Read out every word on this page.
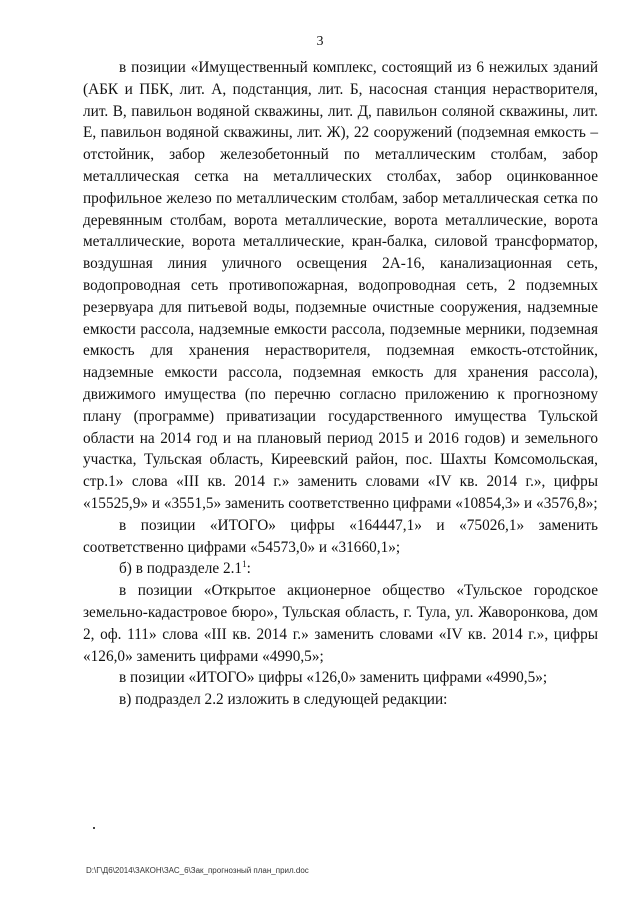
3

в позиции «Имущественный комплекс, состоящий из 6 нежилых зданий (АБК и ПБК, лит. А, подстанция, лит. Б, насосная станция нерастворителя, лит. В, павильон водяной скважины, лит. Д, павильон соляной скважины, лит. Е, павильон водяной скважины, лит. Ж), 22 сооружений (подземная емкость – отстойник, забор железобетонный по металлическим столбам, забор металлическая сетка на металлических столбах, забор оцинкованное профильное железо по металлическим столбам, забор металлическая сетка по деревянным столбам, ворота металлические, ворота металлические, ворота металлические, ворота металлические, кран-балка, силовой трансформатор, воздушная линия уличного освещения 2А-16, канализационная сеть, водопроводная сеть противопожарная, водопроводная сеть, 2 подземных резервуара для питьевой воды, подземные очистные сооружения, надземные емкости рассола, надземные емкости рассола, подземные мерники, подземная емкость для хранения нерастворителя, подземная емкость-отстойник, надземные емкости рассола, подземная емкость для хранения рассола), движимого имущества (по перечню согласно приложению к прогнозному плану (программе) приватизации государственного имущества Тульской области на 2014 год и на плановый период 2015 и 2016 годов) и земельного участка, Тульская область, Киреевский район, пос. Шахты Комсомольская, стр.1» слова «III кв. 2014 г.» заменить словами «IV кв. 2014 г.», цифры «15525,9» и «3551,5» заменить соответственно цифрами «10854,3» и «3576,8»;

в позиции «ИТОГО» цифры «164447,1» и «75026,1» заменить соответственно цифрами «54573,0» и «31660,1»;

б) в подразделе $2.1^1$:

в позиции «Открытое акционерное общество «Тульское городское земельно-кадастровое бюро», Тульская область, г. Тула, ул. Жаворонкова, дом 2, оф. 111» слова «III кв. 2014 г.» заменить словами «IV кв. 2014 г.», цифры «126,0» заменить цифрами «4990,5»;

в позиции «ИТОГО» цифры «126,0» заменить цифрами «4990,5»;

в) подраздел 2.2 изложить в следующей редакции:

D:\Г\Д6\2014\ЗАКОН\ЗАС_6\Зак_прогнозный план_прил.doc
